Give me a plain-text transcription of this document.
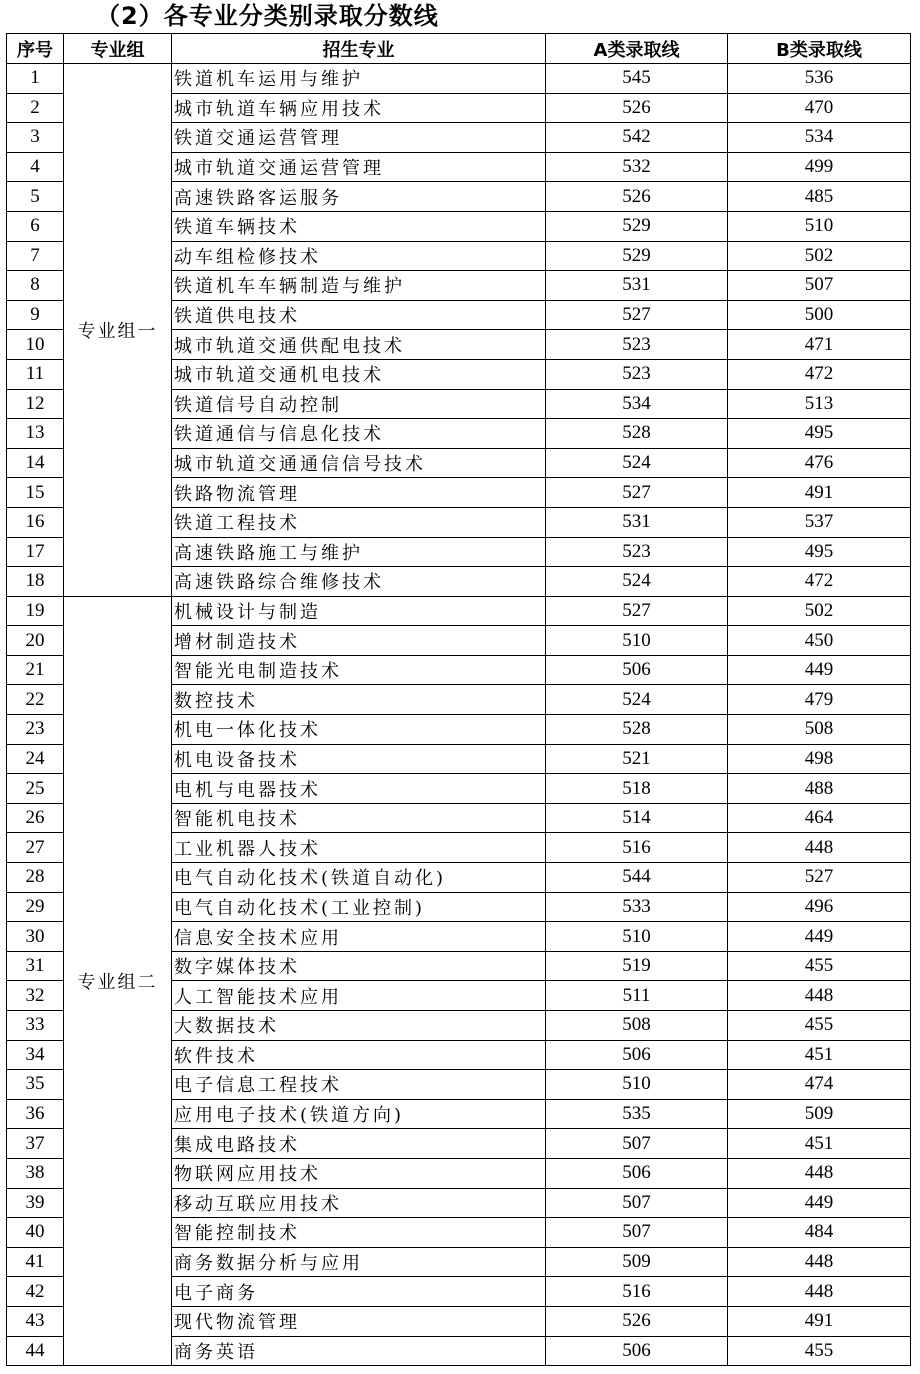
（2）各专业分类别录取分数线
序号	专业组	招生专业	A类录取线	B类录取线
1	专业组一	铁道机车运用与维护	545	536
2		城市轨道车辆应用技术	526	470
3		铁道交通运营管理	542	534
4		城市轨道交通运营管理	532	499
5		高速铁路客运服务	526	485
6		铁道车辆技术	529	510
7		动车组检修技术	529	502
8		铁道机车车辆制造与维护	531	507
9		铁道供电技术	527	500
10		城市轨道交通供配电技术	523	471
11		城市轨道交通机电技术	523	472
12		铁道信号自动控制	534	513
13		铁道通信与信息化技术	528	495
14		城市轨道交通通信信号技术	524	476
15		铁路物流管理	527	491
16		铁道工程技术	531	537
17		高速铁路施工与维护	523	495
18		高速铁路综合维修技术	524	472
19	专业组二	机械设计与制造	527	502
20		增材制造技术	510	450
21		智能光电制造技术	506	449
22		数控技术	524	479
23		机电一体化技术	528	508
24		机电设备技术	521	498
25		电机与电器技术	518	488
26		智能机电技术	514	464
27		工业机器人技术	516	448
28		电气自动化技术(铁道自动化)	544	527
29		电气自动化技术(工业控制)	533	496
30		信息安全技术应用	510	449
31		数字媒体技术	519	455
32		人工智能技术应用	511	448
33		大数据技术	508	455
34		软件技术	506	451
35		电子信息工程技术	510	474
36		应用电子技术(铁道方向)	535	509
37		集成电路技术	507	451
38		物联网应用技术	506	448
39		移动互联应用技术	507	449
40		智能控制技术	507	484
41		商务数据分析与应用	509	448
42		电子商务	516	448
43		现代物流管理	526	491
44		商务英语	506	455
